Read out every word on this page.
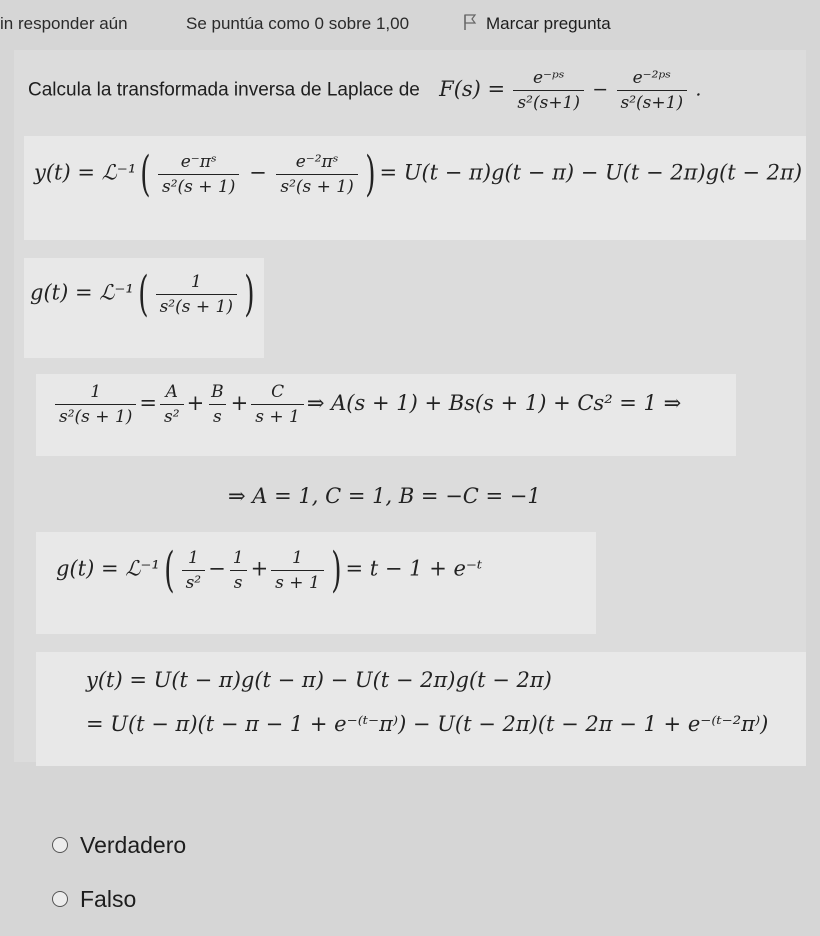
in responder aún	Se puntúa como 0 sobre 1,00	Marcar pregunta
Calcula la transformada inversa de Laplace de $F(s) = \frac{\text{e⁻ᵖˢ}}{\text{s²(s+1)}} - \frac{\text{e⁻²ᵖˢ}}{\text{s²(s+1)}}$ .
y(t) = ℒ⁻¹( $\frac{\text{e⁻πˢ}}{\text{s²(s + 1)}} - \frac{\text{e⁻²πˢ}}{\text{s²(s + 1)}}$ ) = U(t − π)g(t − π) − U(t − 2π)g(t − 2π)
g(t) = ℒ⁻¹( $\frac{1}{\text{s²(s + 1)}}$ )
$\frac{1}{\text{s²(s + 1)}} = \frac{A}{\text{s²}} + \frac{B}{s} + \frac{C}{s + 1}$ ⇒ A(s + 1) + Bs(s + 1) + Cs² = 1 ⇒
⇒ A = 1, C = 1, B = −C = −1
g(t) = ℒ⁻¹( $\frac{1}{\text{s²}} - \frac{1}{s} + \frac{1}{s + 1}$ ) = t − 1 + e⁻ᵗ
y(t) = U(t − π)g(t − π) − U(t − 2π)g(t − 2π)
= U(t − π)(t − π − 1 + e⁻⁽ᵗ⁻π⁾) − U(t − 2π)(t − 2π − 1 + e⁻⁽ᵗ⁻²π⁾)
Verdadero
Falso
